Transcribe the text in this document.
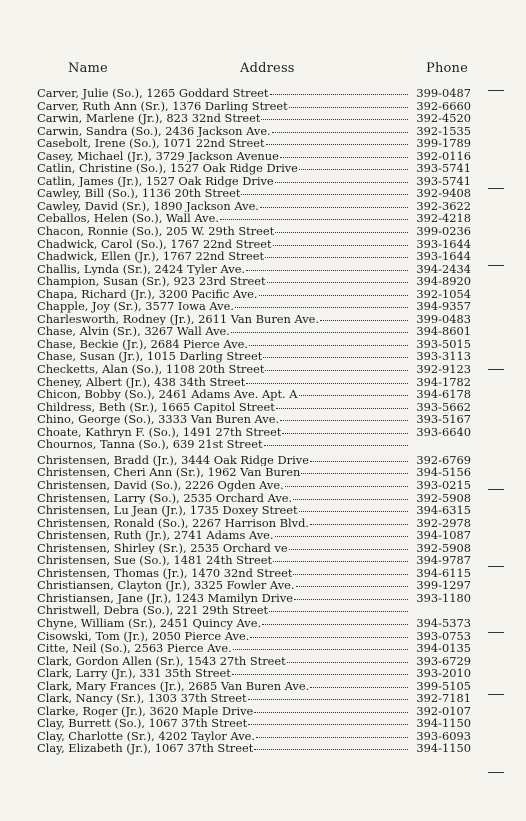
Name	Address	Phone
Carver, Julie (So.), 1265 Goddard Street	399-0487
Carver, Ruth Ann (Sr.), 1376 Darling Street	392-6660
Carwin, Marlene (Jr.), 823 32nd Street	392-4520
Carwin, Sandra (So.), 2436 Jackson Ave.	392-1535
Casebolt, Irene (So.), 1071 22nd Street	399-1789
Casey, Michael (Jr.), 3729 Jackson Avenue	392-0116
Catlin, Christine (So.), 1527 Oak Ridge Drive	393-5741
Catlin, James (Jr.), 1527 Oak Ridge Drive	393-5741
Cawley, Bill (So.), 1136 20th Street	392-9408
Cawley, David (Sr.), 1890 Jackson Ave.	392-3622
Ceballos, Helen (So.), Wall Ave.	392-4218
Chacon, Ronnie (So.), 205 W. 29th Street	399-0236
Chadwick, Carol (So.), 1767 22nd Street	393-1644
Chadwick, Ellen (Jr.), 1767 22nd Street	393-1644
Challis, Lynda (Sr.), 2424 Tyler Ave.	394-2434
Champion, Susan (Sr.), 923 23rd Street	394-8920
Chapa, Richard (Jr.), 3200 Pacific Ave.	392-1054
Chapple, Joy (Sr.), 3577 Iowa Ave.	394-9357
Charlesworth, Rodney (Jr.), 2611 Van Buren Ave.	399-0483
Chase, Alvin (Sr.), 3267 Wall Ave.	394-8601
Chase, Beckie (Jr.), 2684 Pierce Ave.	393-5015
Chase, Susan (Jr.), 1015 Darling Street	393-3113
Checketts, Alan (So.), 1108 20th Street	392-9123
Cheney, Albert (Jr.), 438 34th Street	394-1782
Chicon, Bobby (So.), 2461 Adams Ave. Apt. A	394-6178
Childress, Beth (Sr.), 1665 Capitol Street	393-5662
Chino, George (So.), 3333 Van Buren Ave.	393-5167
Choate, Kathryn F. (So.), 1491 27th Street	393-6640
Chournos, Tanna (So.), 639 21st Street
Christensen, Bradd (Jr.), 3444 Oak Ridge Drive	392-6769
Christensen, Cheri Ann (Sr.), 1962 Van Buren	394-5156
Christensen, David (So.), 2226 Ogden Ave.	393-0215
Christensen, Larry (So.), 2535 Orchard Ave.	392-5908
Christensen, Lu Jean (Jr.), 1735 Doxey Street	394-6315
Christensen, Ronald (So.), 2267 Harrison Blvd.	392-2978
Christensen, Ruth (Jr.), 2741 Adams Ave.	394-1087
Christensen, Shirley (Sr.), 2535 Orchard ve	392-5908
Christensen, Sue (So.), 1481 24th Street	394-9787
Christensen, Thomas (Jr.), 1470 32nd Street	394-6115
Christiansen, Clayton (Jr.), 3325 Fowler Ave.	399-1297
Christiansen, Jane (Jr.), 1243 Mamilyn Drive	393-1180
Christwell, Debra (So.), 221 29th Street
Chyne, William (Sr.), 2451 Quincy Ave.	394-5373
Cisowski, Tom (Jr.), 2050 Pierce Ave.	393-0753
Citte, Neil (So.), 2563 Pierce Ave.	394-0135
Clark, Gordon Allen (Sr.), 1543 27th Street	393-6729
Clark, Larry (Jr.), 331 35th Street	393-2010
Clark, Mary Frances (Jr.), 2685 Van Buren Ave.	399-5105
Clark, Nancy (Sr.), 1303 37th Street	392-7181
Clarke, Roger (Jr.), 3620 Maple Drive	392-0107
Clay, Burrett (So.), 1067 37th Street	394-1150
Clay, Charlotte (Sr.), 4202 Taylor Ave.	393-6093
Clay, Elizabeth (Jr.), 1067 37th Street	394-1150
